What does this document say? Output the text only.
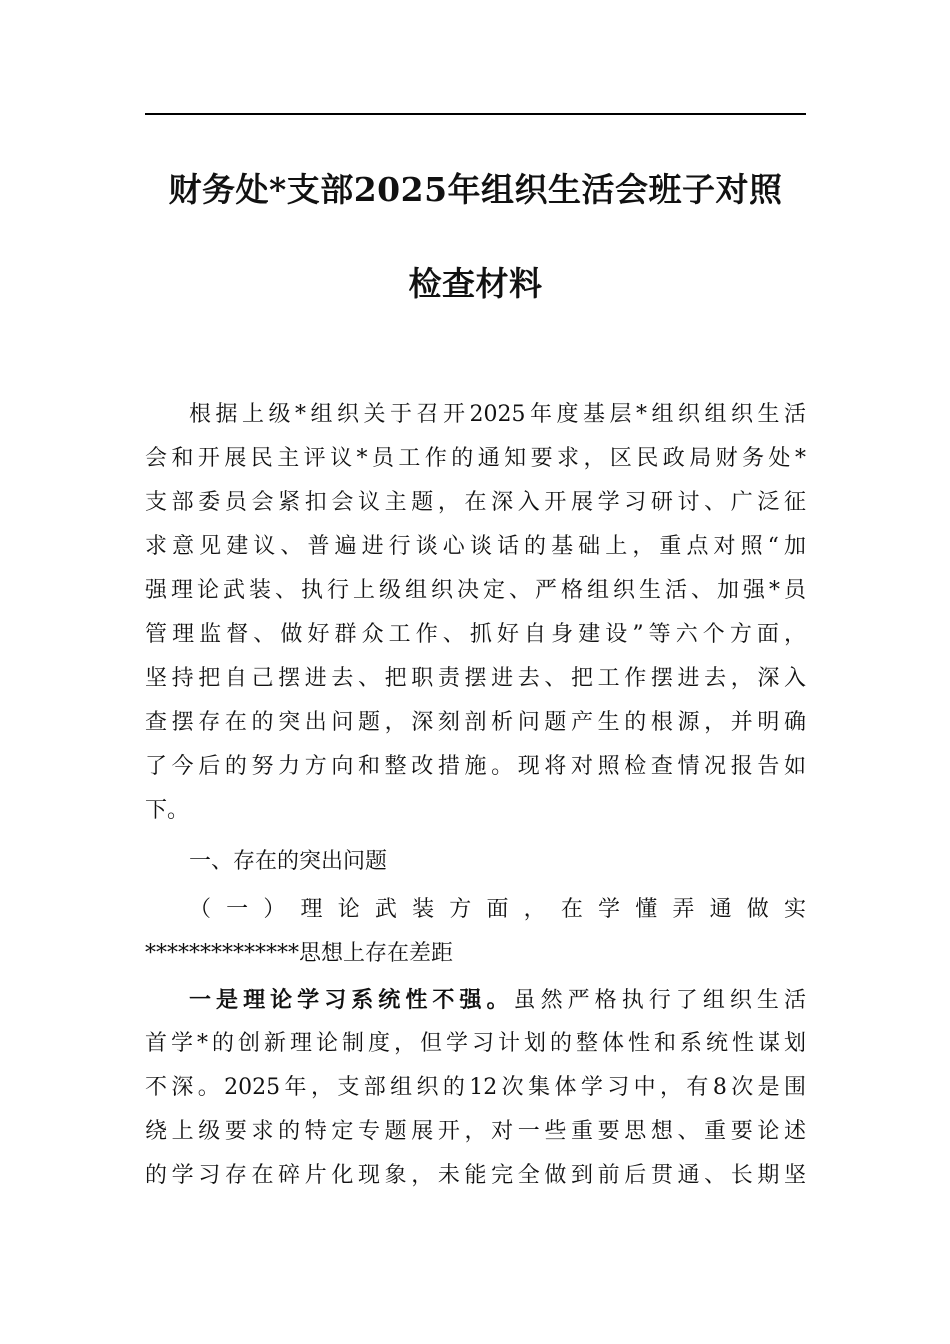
财务处*支部2025年组织生活会班子对照
检查材料
根据上级*组织关于召开2025年度基层*组织组织生活
会和开展民主评议*员工作的通知要求，区民政局财务处*
支部委员会紧扣会议主题，在深入开展学习研讨、广泛征
求意见建议、普遍进行谈心谈话的基础上，重点对照“加
强理论武装、执行上级组织决定、严格组织生活、加强*员
管理监督、做好群众工作、抓好自身建设”等六个方面，
坚持把自己摆进去、把职责摆进去、把工作摆进去，深入
查摆存在的突出问题，深刻剖析问题产生的根源，并明确
了今后的努力方向和整改措施。现将对照检查情况报告如
下。
一、存在的突出问题
（一）理论武装方面，在学懂弄通做实
**************思想上存在差距
一是理论学习系统性不强。虽然严格执行了组织生活
首学*的创新理论制度，但学习计划的整体性和系统性谋划
不深。2025年，支部组织的12次集体学习中，有8次是围
绕上级要求的特定专题展开，对一些重要思想、重要论述
的学习存在碎片化现象，未能完全做到前后贯通、长期坚
